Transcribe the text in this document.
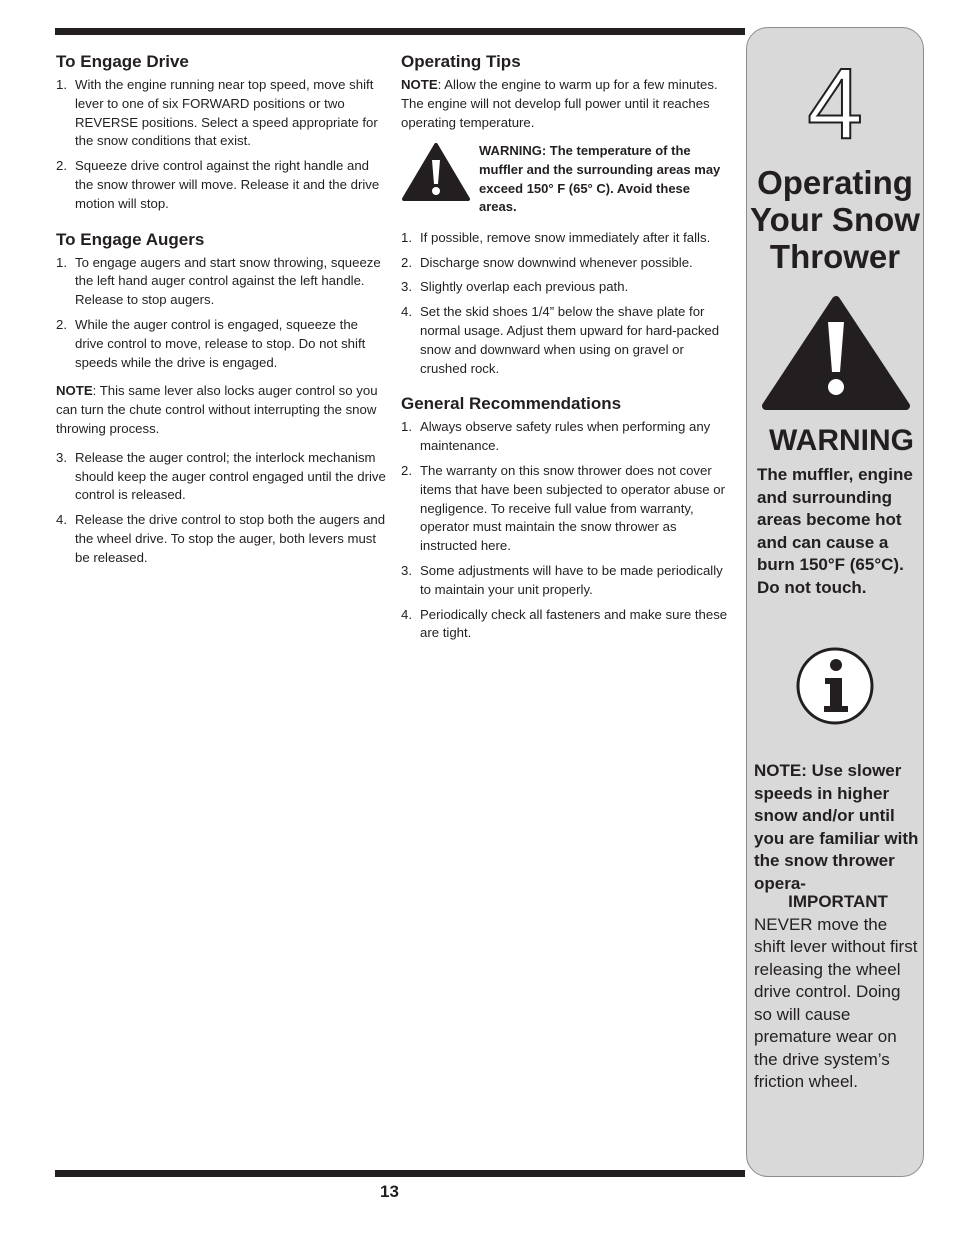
To Engage Drive
1. With the engine running near top speed, move shift lever to one of six FORWARD positions or two REVERSE positions. Select a speed appropriate for the snow conditions that exist.
2. Squeeze drive control against the right handle and the snow thrower will move. Release it and the drive motion will stop.
To Engage Augers
1. To engage augers and start snow throwing, squeeze the left hand auger control against the left handle. Release to stop augers.
2. While the auger control is engaged, squeeze the drive control to move, release to stop. Do not shift speeds while the drive is engaged.

NOTE: This same lever also locks auger control so you can turn the chute control without interrupting the snow throwing process.

3. Release the auger control; the interlock mechanism should keep the auger control engaged until the drive control is released.
4. Release the drive control to stop both the augers and the wheel drive. To stop the auger, both levers must be released.
Operating Tips

NOTE: Allow the engine to warm up for a few minutes. The engine will not develop full power until it reaches operating temperature.

WARNING: The temperature of the muffler and the surrounding areas may exceed 150° F (65° C). Avoid these areas.
1. If possible, remove snow immediately after it falls.
2. Discharge snow downwind whenever possible.
3. Slightly overlap each previous path.
4. Set the skid shoes 1/4” below the shave plate for normal usage. Adjust them upward for hard-packed snow and downward when using on gravel or crushed rock.
General Recommendations
1. Always observe safety rules when performing any maintenance.
2. The warranty on this snow thrower does not cover items that have been subjected to operator abuse or negligence. To receive full value from warranty, operator must maintain the snow thrower as instructed here.
3. Some adjustments will have to be made periodically to maintain your unit properly.
4. Periodically check all fasteners and make sure these are tight.
4
Operating
Your Snow
Thrower
WARNING
The muffler, engine and surrounding areas become hot and can cause a burn 150°F (65°C). Do not touch.
NOTE: Use slower speeds in higher snow and/or until you are familiar with the snow thrower opera-
IMPORTANT
NEVER move the shift lever without first releasing the wheel drive control. Doing so will cause premature wear on the drive system’s friction wheel.
13
